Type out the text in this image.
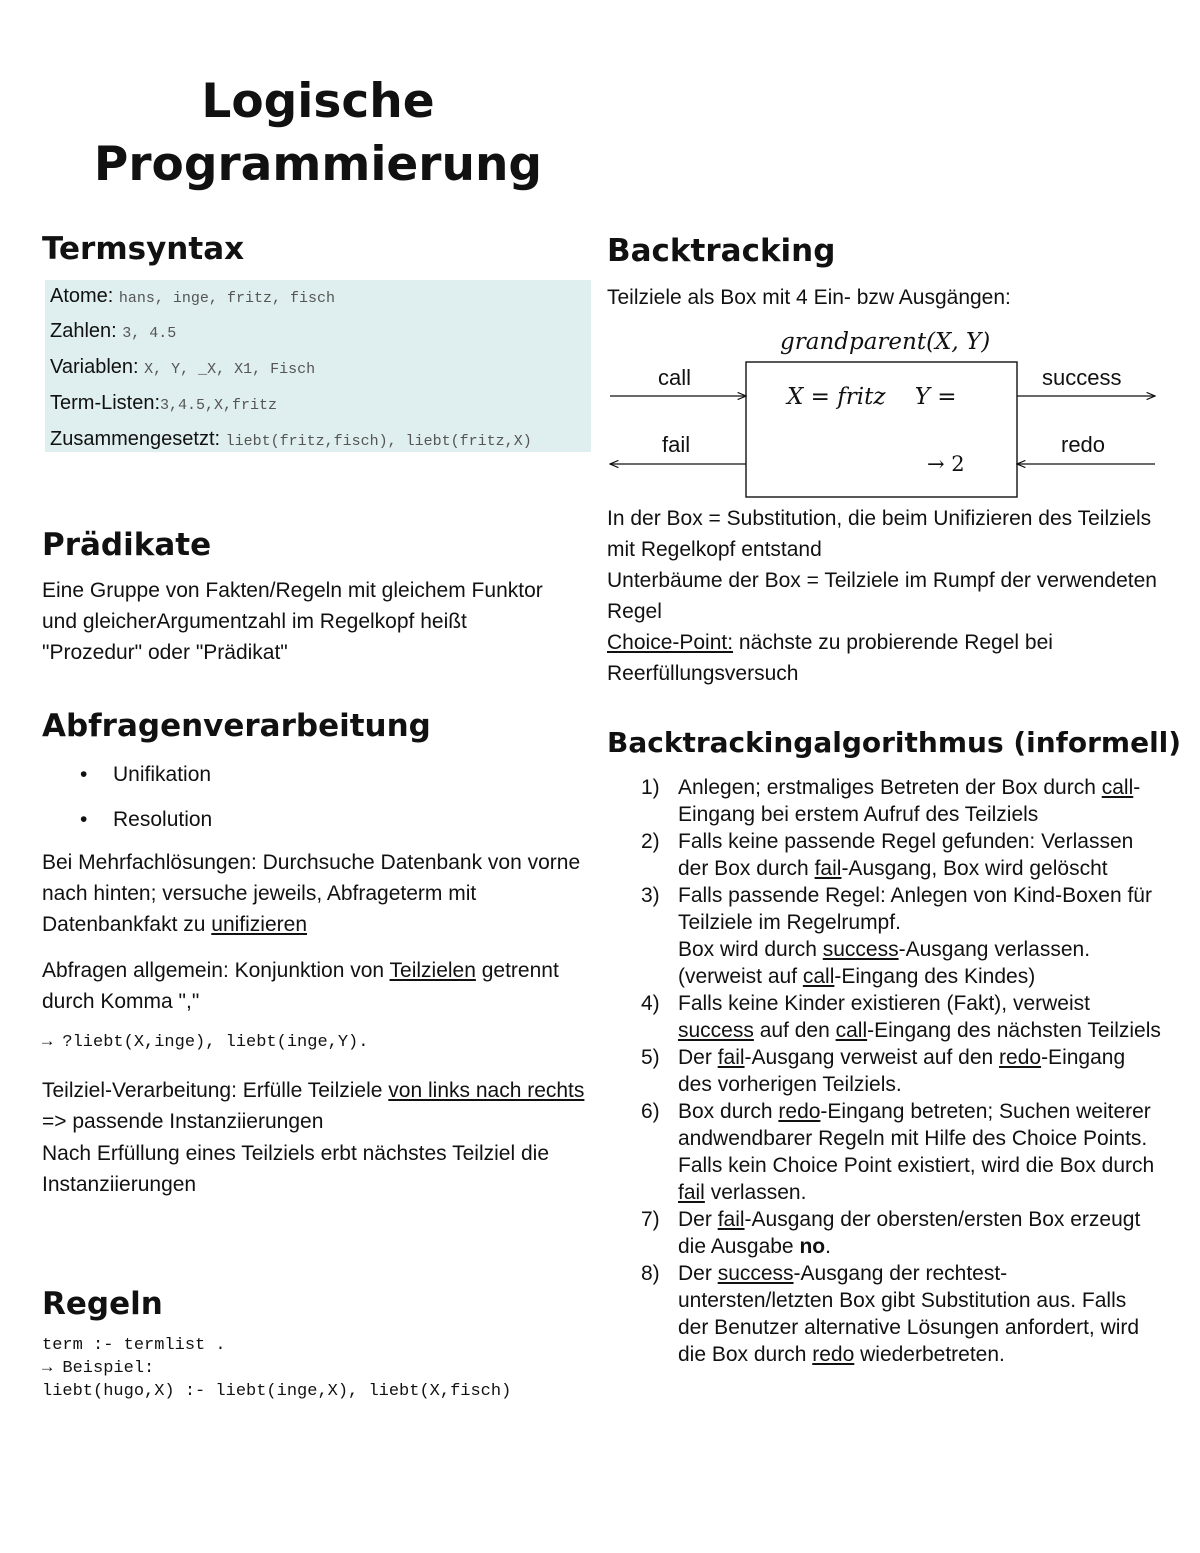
Logische Programmierung
Termsyntax
Atome: hans, inge, fritz, fisch
Zahlen: 3, 4.5
Variablen: X, Y, _X, X1, Fisch
Term-Listen:3,4.5,X,fritz
Zusammengesetzt: liebt(fritz,fisch), liebt(fritz,X)
Prädikate

Eine Gruppe von Fakten/Regeln mit gleichem Funktor und gleicherArgumentzahl im Regelkopf heißt "Prozedur" oder "Prädikat"

Abfragenverarbeitung
• Unifikation
• Resolution

Bei Mehrfachlösungen: Durchsuche Datenbank von vorne nach hinten; versuche jeweils, Abfrageterm mit Datenbankfakt zu unifizieren

Abfragen allgemein: Konjunktion von Teilzielen getrennt durch Komma ","

→ ?liebt(X,inge), liebt(inge,Y).

Teilziel-Verarbeitung: Erfülle Teilziele von links nach rechts => passende Instanziierungen

Nach Erfüllung eines Teilziels erbt nächstes Teilziel die Instanziierungen

Regeln
term :- termlist .
→ Beispiel:
liebt(hugo,X) :- liebt(inge,X), liebt(X,fisch)
Backtracking

Teilziele als Box mit 4 Ein- bzw Ausgängen:

grandparent(X, Y)
X = fritz    Y =
→ 2
call
fail
success
redo

In der Box = Substitution, die beim Unifizieren des Teilziels mit Regelkopf entstand

Unterbäume der Box = Teilziele im Rumpf der verwendeten Regel

Choice-Point: nächste zu probierende Regel bei Reerfüllungsversuch

Backtrackingalgorithmus (informell)
1) Anlegen; erstmaliges Betreten der Box durch call-Eingang bei erstem Aufruf des Teilziels
2) Falls keine passende Regel gefunden: Verlassen der Box durch fail-Ausgang, Box wird gelöscht
3) Falls passende Regel: Anlegen von Kind-Boxen für Teilziele im Regelrumpf.
Box wird durch success-Ausgang verlassen.
(verweist auf call-Eingang des Kindes)
4) Falls keine Kinder existieren (Fakt), verweist success auf den call-Eingang des nächsten Teilziels
5) Der fail-Ausgang verweist auf den redo-Eingang des vorherigen Teilziels.
6) Box durch redo-Eingang betreten; Suchen weiterer andwendbarer Regeln mit Hilfe des Choice Points. Falls kein Choice Point existiert, wird die Box durch fail verlassen.
7) Der fail-Ausgang der obersten/ersten Box erzeugt die Ausgabe no.
8) Der success-Ausgang der rechtest-untersten/letzten Box gibt Substitution aus. Falls der Benutzer alternative Lösungen anfordert, wird die Box durch redo wiederbetreten.
